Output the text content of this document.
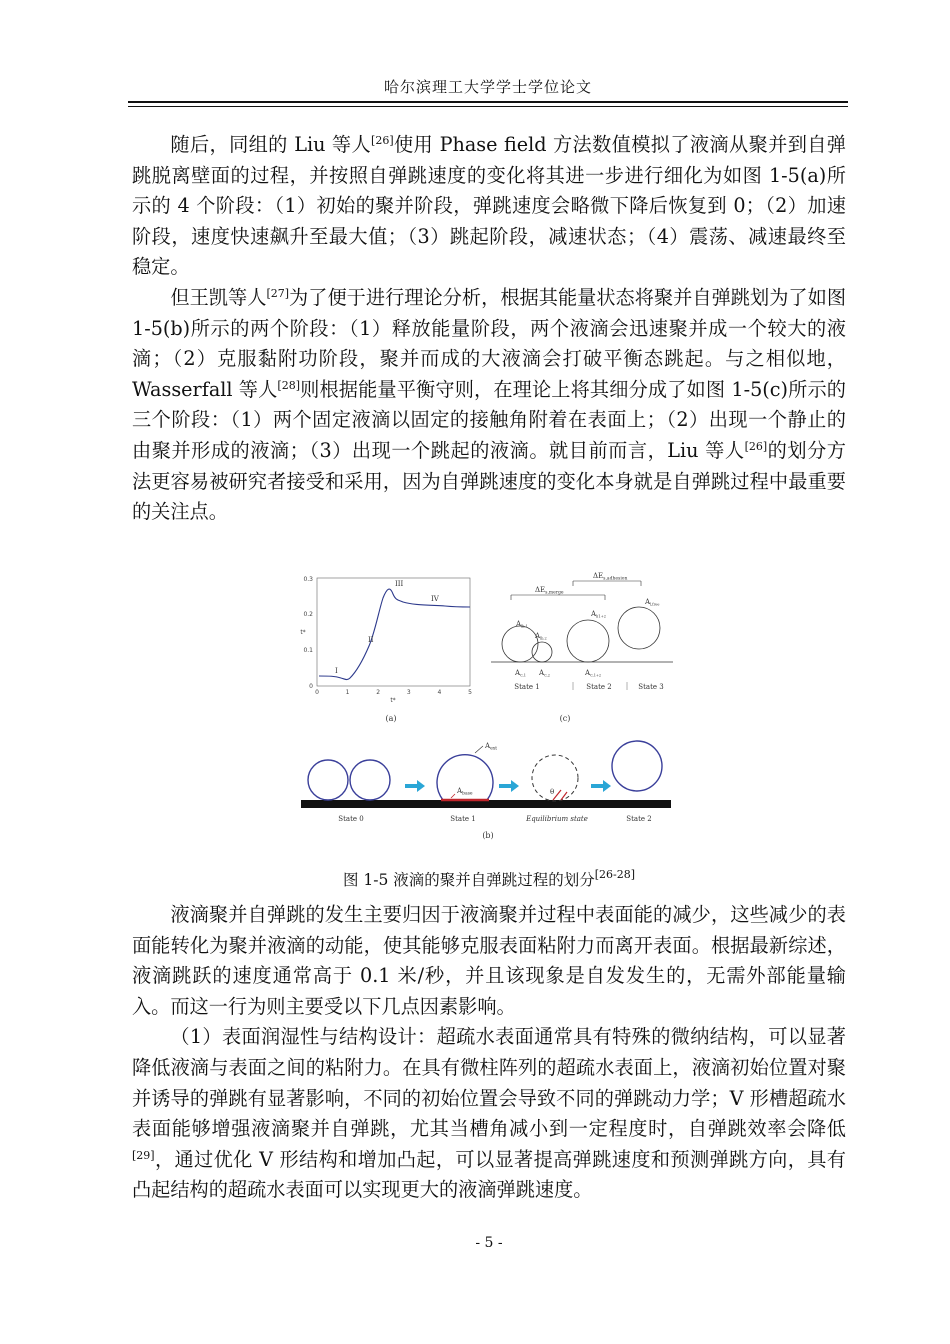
哈尔滨理工大学学士学位论文

随后，同组的 Liu 等人[26]使用 Phase field 方法数值模拟了液滴从聚并到自弹跳脱离壁面的过程，并按照自弹跳速度的变化将其进一步进行细化为如图 1-5(a)所示的 4 个阶段：（1）初始的聚并阶段，弹跳速度会略微下降后恢复到 0；（2）加速阶段，速度快速飙升至最大值；（3）跳起阶段，减速状态；（4）震荡、减速最终至稳定。

但王凯等人[27]为了便于进行理论分析，根据其能量状态将聚并自弹跳划为了如图 1-5(b)所示的两个阶段：（1）释放能量阶段，两个液滴会迅速聚并成一个较大的液滴；（2）克服黏附功阶段，聚并而成的大液滴会打破平衡态跳起。与之相似地，Wasserfall 等人[28]则根据能量平衡守则，在理论上将其细分成了如图 1-5(c)所示的三个阶段：（1）两个固定液滴以固定的接触角附着在表面上；（2）出现一个静止的由聚并形成的液滴；（3）出现一个跳起的液滴。就目前而言，Liu 等人[26]的划分方法更容易被研究者接受和采用，因为自弹跳速度的变化本身就是自弹跳过程中最重要的关注点。

0
0.1
0.2
0.3
0	1	2	3	4	5
t*
t*
I
II
III
IV
(a)
$\Delta E_{s,merge}$
$\Delta E_{s,adhesion}$
$A_{lb,1}$
$A_{lb,2}$
$A_{l(1+2}$
$A_{l,free}$
$A_{C,1}$ $A_{C,2}$	$A_{C,1+2}$
State 1	State 2	State 3
(c)
$A_{ext}$
$A_{base}$	θ
State 0	State 1	Equilibrium state	State 2
(b)
图 1-5 液滴的聚并自弹跳过程的划分[26-28]

液滴聚并自弹跳的发生主要归因于液滴聚并过程中表面能的减少，这些减少的表面能转化为聚并液滴的动能，使其能够克服表面粘附力而离开表面。根据最新综述，液滴跳跃的速度通常高于 0.1 米/秒，并且该现象是自发发生的，无需外部能量输入。而这一行为则主要受以下几点因素影响。

（1）表面润湿性与结构设计：超疏水表面通常具有特殊的微纳结构，可以显著降低液滴与表面之间的粘附力。在具有微柱阵列的超疏水表面上，液滴初始位置对聚并诱导的弹跳有显著影响，不同的初始位置会导致不同的弹跳动力学；V 形槽超疏水表面能够增强液滴聚并自弹跳，尤其当槽角减小到一定程度时，自弹跳效率会降低[29]，通过优化 V 形结构和增加凸起，可以显著提高弹跳速度和预测弹跳方向，具有凸起结构的超疏水表面可以实现更大的液滴弹跳速度。

- 5 -
